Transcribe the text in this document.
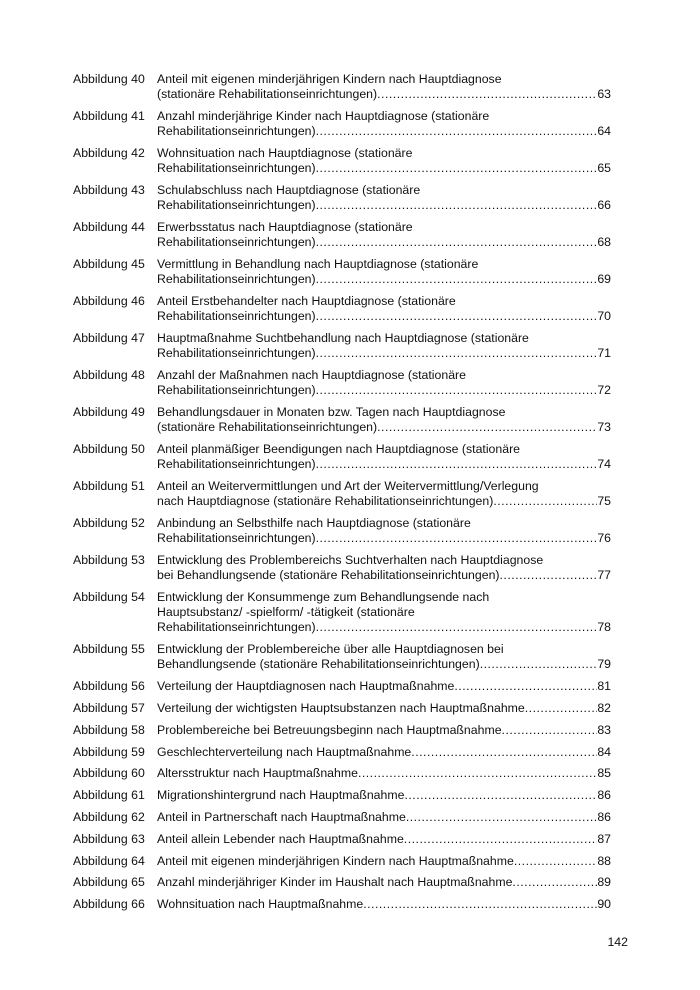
Abbildung 40 Anteil mit eigenen minderjährigen Kindern nach Hauptdiagnose
(stationäre Rehabilitationseinrichtungen) .....	63
Abbildung 41 Anzahl minderjährige Kinder nach Hauptdiagnose (stationäre
Rehabilitationseinrichtungen) .....	64
Abbildung 42 Wohnsituation nach Hauptdiagnose (stationäre
Rehabilitationseinrichtungen) .....	65
Abbildung 43 Schulabschluss nach Hauptdiagnose (stationäre
Rehabilitationseinrichtungen) .....	66
Abbildung 44 Erwerbsstatus nach Hauptdiagnose (stationäre
Rehabilitationseinrichtungen) .....	68
Abbildung 45 Vermittlung in Behandlung nach Hauptdiagnose (stationäre
Rehabilitationseinrichtungen) .....	69
Abbildung 46 Anteil Erstbehandelter nach Hauptdiagnose (stationäre
Rehabilitationseinrichtungen) .....	70
Abbildung 47 Hauptmaßnahme Suchtbehandlung nach Hauptdiagnose (stationäre
Rehabilitationseinrichtungen) .....	71
Abbildung 48 Anzahl der Maßnahmen nach Hauptdiagnose (stationäre
Rehabilitationseinrichtungen) .....	72
Abbildung 49 Behandlungsdauer in Monaten bzw. Tagen nach Hauptdiagnose
(stationäre Rehabilitationseinrichtungen) .....	73
Abbildung 50 Anteil planmäßiger Beendigungen nach Hauptdiagnose (stationäre
Rehabilitationseinrichtungen) .....	74
Abbildung 51 Anteil an Weitervermittlungen und Art der Weitervermittlung/Verlegung
nach Hauptdiagnose (stationäre Rehabilitationseinrichtungen) .....	75
Abbildung 52 Anbindung an Selbsthilfe nach Hauptdiagnose (stationäre
Rehabilitationseinrichtungen) .....	76
Abbildung 53 Entwicklung des Problembereichs Suchtverhalten nach Hauptdiagnose
bei Behandlungsende (stationäre Rehabilitationseinrichtungen) .....	77
Abbildung 54 Entwicklung der Konsummenge zum Behandlungsende nach
Hauptsubstanz/ -spielform/ -tätigkeit (stationäre
Rehabilitationseinrichtungen) .....	78
Abbildung 55 Entwicklung der Problembereiche über alle Hauptdiagnosen bei
Behandlungsende (stationäre Rehabilitationseinrichtungen) .....	79
Abbildung 56 Verteilung der Hauptdiagnosen nach Hauptmaßnahme .....	81
Abbildung 57 Verteilung der wichtigsten Hauptsubstanzen nach Hauptmaßnahme .....	82
Abbildung 58 Problembereiche bei Betreuungsbeginn nach Hauptmaßnahme .....	83
Abbildung 59 Geschlechterverteilung nach Hauptmaßnahme .....	84
Abbildung 60 Altersstruktur nach Hauptmaßnahme .....	85
Abbildung 61 Migrationshintergrund nach Hauptmaßnahme .....	86
Abbildung 62 Anteil in Partnerschaft nach Hauptmaßnahme .....	86
Abbildung 63 Anteil allein Lebender nach Hauptmaßnahme .....	87
Abbildung 64 Anteil mit eigenen minderjährigen Kindern nach Hauptmaßnahme .....	88
Abbildung 65 Anzahl minderjähriger Kinder im Haushalt nach Hauptmaßnahme .....	89
Abbildung 66 Wohnsituation nach Hauptmaßnahme .....	90
142
